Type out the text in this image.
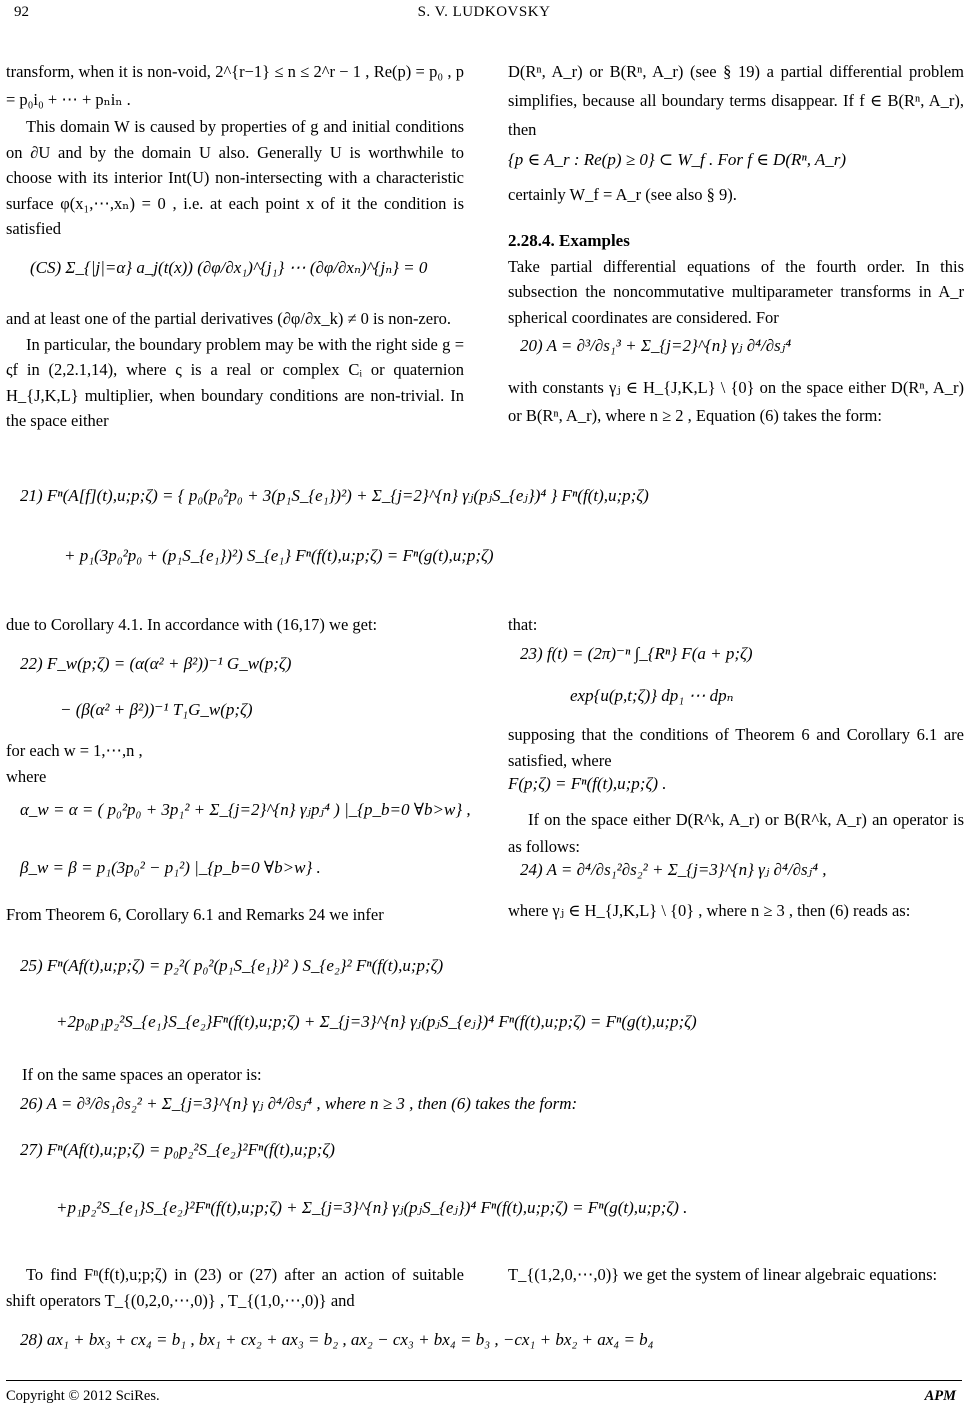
92	S. V. LUDKOVSKY

transform, when it is non-void, 2^{r−1} ≤ n ≤ 2^r − 1 , Re(p) = p₀ , p = p₀i₀ + ⋯ + pₙiₙ .

This domain W is caused by properties of g and initial conditions on ∂U and by the domain U also. Generally U is worthwhile to choose with its interior Int(U) non-intersecting with a characteristic surface φ(x₁,⋯,xₙ) = 0 , i.e. at each point x of it the condition is satisfied

(CS) Σ_{|j|=α} a_j(t(x)) (∂φ/∂x₁)^{j₁} ⋯ (∂φ/∂xₙ)^{jₙ} = 0

and at least one of the partial derivatives (∂φ/∂x_k) ≠ 0 is non-zero.

In particular, the boundary problem may be with the right side g = ςf in (2,2.1,14), where ς is a real or complex Cᵢ or quaternion H_{J,K,L} multiplier, when boundary conditions are non-trivial. In the space either

D(Rⁿ, A_r) or B(Rⁿ, A_r) (see § 19) a partial differential problem simplifies, because all boundary terms disappear. If f ∈ B(Rⁿ, A_r), then

{p ∈ A_r : Re(p) ≥ 0} ⊂ W_f . For f ∈ D(Rⁿ, A_r)

certainly W_f = A_r (see also § 9).

2.28.4. Examples

Take partial differential equations of the fourth order. In this subsection the noncommutative multiparameter transforms in A_r spherical coordinates are considered. For

20) A = ∂³/∂s₁³ + Σ_{j=2}^{n} γⱼ ∂⁴/∂sⱼ⁴

with constants γⱼ ∈ H_{J,K,L} \ {0} on the space either D(Rⁿ, A_r) or B(Rⁿ, A_r), where n ≥ 2 , Equation (6) takes the form:

21) Fⁿ(A[f](t),u;p;ζ) = { p₀(p₀²p₀ + 3(p₁S_{e₁})²) + Σ_{j=2}^{n} γⱼ(pⱼS_{eⱼ})⁴ } Fⁿ(f(t),u;p;ζ)
+ p₁(3p₀²p₀ + (p₁S_{e₁})²) S_{e₁} Fⁿ(f(t),u;p;ζ) = Fⁿ(g(t),u;p;ζ)

due to Corollary 4.1. In accordance with (16,17) we get:

22) F_w(p;ζ) = (α(α² + β²))⁻¹ G_w(p;ζ)
− (β(α² + β²))⁻¹ T₁G_w(p;ζ)

for each w = 1,⋯,n ,

where

α_w = α = ( p₀²p₀ + 3p₁² + Σ_{j=2}^{n} γⱼpⱼ⁴ ) |_{p_b=0 ∀b>w} ,
β_w = β = p₁(3p₀² − p₁²) |_{p_b=0 ∀b>w} .

From Theorem 6, Corollary 6.1 and Remarks 24 we infer

that:

23) f(t) = (2π)⁻ⁿ ∫_{Rⁿ} F(a + p;ζ)
exp{u(p,t;ζ)} dp₁ ⋯ dpₙ

supposing that the conditions of Theorem 6 and Corollary 6.1 are satisfied, where

F(p;ζ) = Fⁿ(f(t),u;p;ζ) .

If on the space either D(R^k, A_r) or B(R^k, A_r) an operator is as follows:

24) A = ∂⁴/∂s₁²∂s₂² + Σ_{j=3}^{n} γⱼ ∂⁴/∂sⱼ⁴ ,

where γⱼ ∈ H_{J,K,L} \ {0} , where n ≥ 3 , then (6) reads as:

25) Fⁿ(Af(t),u;p;ζ) = p₂²( p₀²(p₁S_{e₁})² ) S_{e₂}² Fⁿ(f(t),u;p;ζ)
+2p₀p₁p₂²S_{e₁}S_{e₂}Fⁿ(f(t),u;p;ζ) + Σ_{j=3}^{n} γⱼ(pⱼS_{eⱼ})⁴ Fⁿ(f(t),u;p;ζ) = Fⁿ(g(t),u;p;ζ)

If on the same spaces an operator is:

26) A = ∂³/∂s₁∂s₂² + Σ_{j=3}^{n} γⱼ ∂⁴/∂sⱼ⁴ , where n ≥ 3 , then (6) takes the form:
27) Fⁿ(Af(t),u;p;ζ) = p₀p₂²S_{e₂}²Fⁿ(f(t),u;p;ζ)
+p₁p₂²S_{e₁}S_{e₂}²Fⁿ(f(t),u;p;ζ) + Σ_{j=3}^{n} γⱼ(pⱼS_{eⱼ})⁴ Fⁿ(f(t),u;p;ζ) = Fⁿ(g(t),u;p;ζ) .

To find Fⁿ(f(t),u;p;ζ) in (23) or (27) after an action of suitable shift operators T_{(0,2,0,⋯,0)} , T_{(1,0,⋯,0)} and

T_{(1,2,0,⋯,0)} we get the system of linear algebraic equations:

28) ax₁ + bx₃ + cx₄ = b₁ , bx₁ + cx₂ + ax₃ = b₂ , ax₂ − cx₃ + bx₄ = b₃ , −cx₁ + bx₂ + ax₄ = b₄
Copyright © 2012 SciRes.	APM
